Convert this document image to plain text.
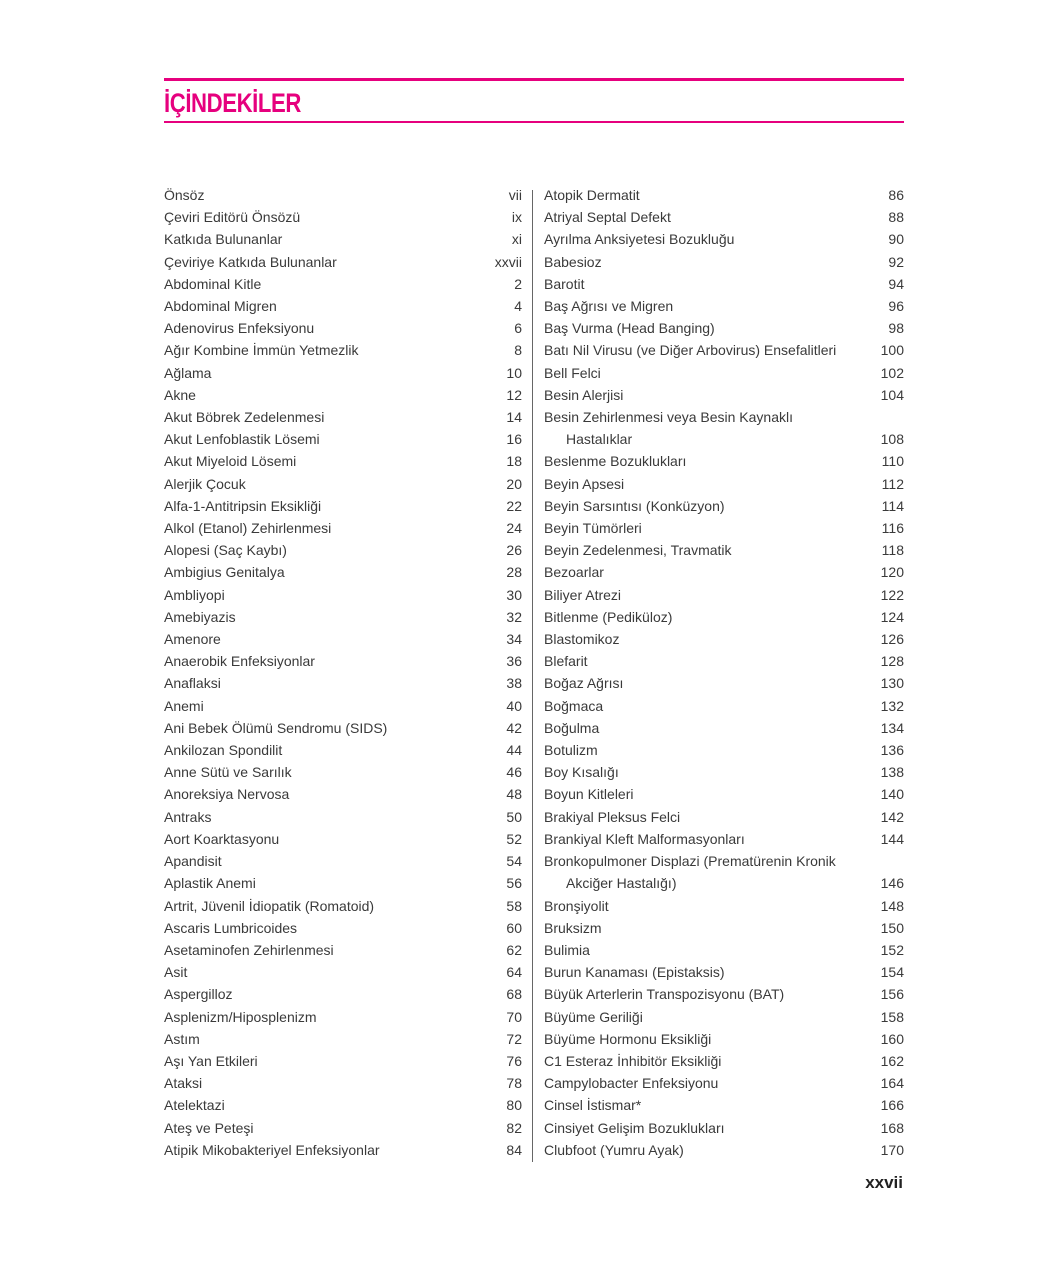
İÇİNDEKİLER
Önsöz	vii
Çeviri Editörü Önsözü	ix
Katkıda Bulunanlar	xi
Çeviriye Katkıda Bulunanlar	xxvii
Abdominal Kitle	2
Abdominal Migren	4
Adenovirus Enfeksiyonu	6
Ağır Kombine İmmün Yetmezlik	8
Ağlama	10
Akne	12
Akut Böbrek Zedelenmesi	14
Akut Lenfoblastik Lösemi	16
Akut Miyeloid Lösemi	18
Alerjik Çocuk	20
Alfa-1-Antitripsin Eksikliği	22
Alkol (Etanol) Zehirlenmesi	24
Alopesi (Saç Kaybı)	26
Ambigius Genitalya	28
Ambliyopi	30
Amebiyazis	32
Amenore	34
Anaerobik Enfeksiyonlar	36
Anaflaksi	38
Anemi	40
Ani Bebek Ölümü Sendromu (SIDS)	42
Ankilozan Spondilit	44
Anne Sütü ve Sarılık	46
Anoreksiya Nervosa	48
Antraks	50
Aort Koarktasyonu	52
Apandisit	54
Aplastik Anemi	56
Artrit, Jüvenil İdiopatik (Romatoid)	58
Ascaris Lumbricoides	60
Asetaminofen Zehirlenmesi	62
Asit	64
Aspergilloz	68
Asplenizm/Hiposplenizm	70
Astım	72
Aşı Yan Etkileri	76
Ataksi	78
Atelektazi	80
Ateş ve Peteşi	82
Atipik Mikobakteriyel Enfeksiyonlar	84
Atopik Dermatit	86
Atriyal Septal Defekt	88
Ayrılma Anksiyetesi Bozukluğu	90
Babesioz	92
Barotit	94
Baş Ağrısı ve Migren	96
Baş Vurma (Head Banging)	98
Batı Nil Virusu (ve Diğer Arbovirus) Ensefalitleri	100
Bell Felci	102
Besin Alerjisi	104
Besin Zehirlenmesi veya Besin Kaynaklı
Hastalıklar	108
Beslenme Bozuklukları	110
Beyin Apsesi	112
Beyin Sarsıntısı (Konküzyon)	114
Beyin Tümörleri	116
Beyin Zedelenmesi, Travmatik	118
Bezoarlar	120
Biliyer Atrezi	122
Bitlenme (Pediküloz)	124
Blastomikoz	126
Blefarit	128
Boğaz Ağrısı	130
Boğmaca	132
Boğulma	134
Botulizm	136
Boy Kısalığı	138
Boyun Kitleleri	140
Brakiyal Pleksus Felci	142
Brankiyal Kleft Malformasyonları	144
Bronkopulmoner Displazi (Prematürenin Kronik
Akciğer Hastalığı)	146
Bronşiyolit	148
Bruksizm	150
Bulimia	152
Burun Kanaması (Epistaksis)	154
Büyük Arterlerin Transpozisyonu (BAT)	156
Büyüme Geriliği	158
Büyüme Hormonu Eksikliği	160
C1 Esteraz İnhibitör Eksikliği	162
Campylobacter Enfeksiyonu	164
Cinsel İstismar*	166
Cinsiyet Gelişim Bozuklukları	168
Clubfoot (Yumru Ayak)	170
xxvii
